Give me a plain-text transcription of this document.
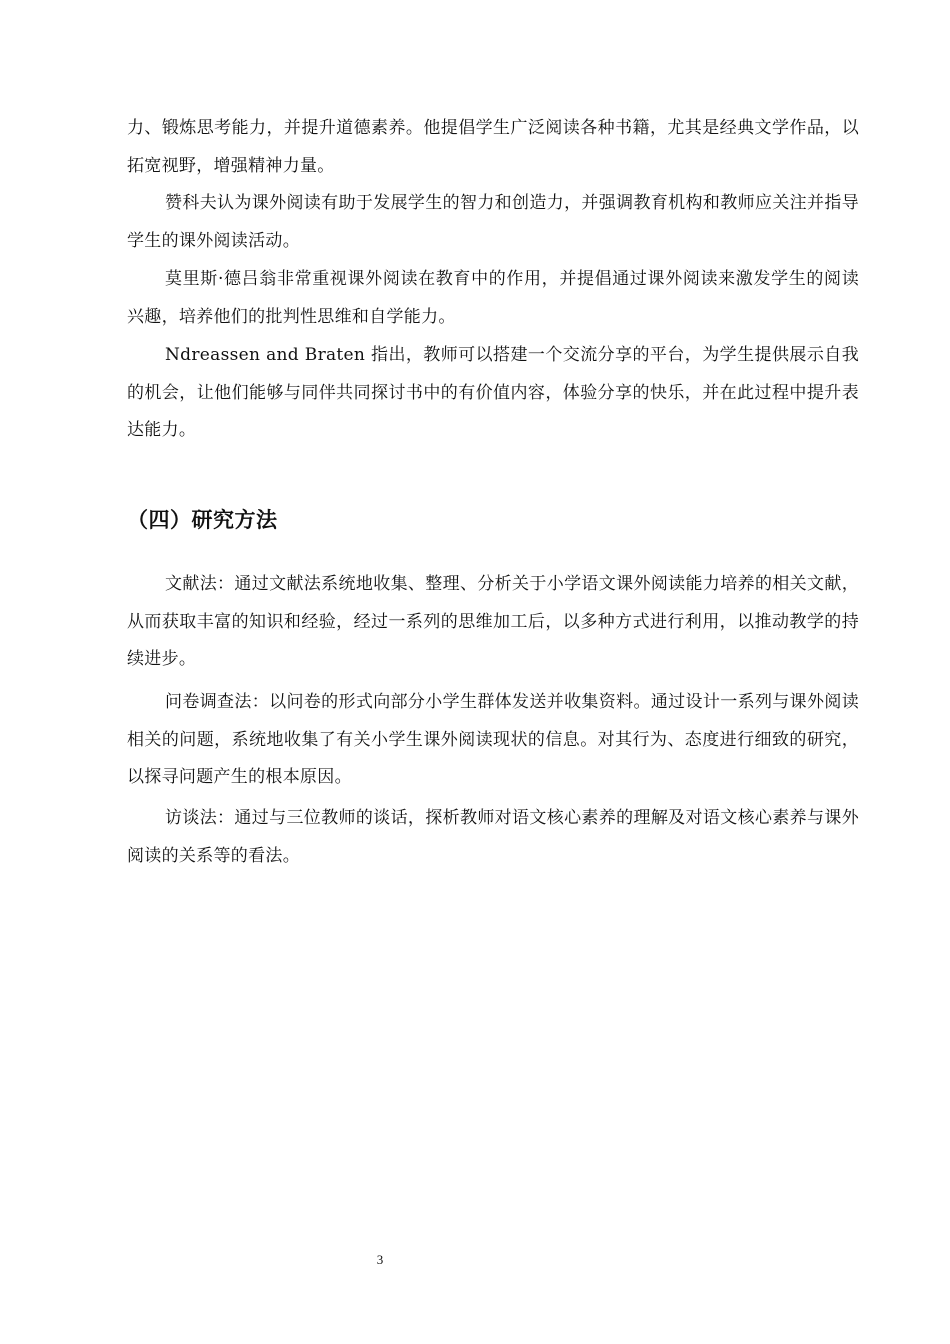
力、锻炼思考能力，并提升道德素养。他提倡学生广泛阅读各种书籍，尤其是经典文学作品，以拓宽视野，增强精神力量。

赞科夫认为课外阅读有助于发展学生的智力和创造力，并强调教育机构和教师应关注并指导学生的课外阅读活动。

莫里斯·德吕翁非常重视课外阅读在教育中的作用，并提倡通过课外阅读来激发学生的阅读兴趣，培养他们的批判性思维和自学能力。

Ndreassen and Braten 指出，教师可以搭建一个交流分享的平台，为学生提供展示自我的机会，让他们能够与同伴共同探讨书中的有价值内容，体验分享的快乐，并在此过程中提升表达能力。

（四）研究方法

文献法：通过文献法系统地收集、整理、分析关于小学语文课外阅读能力培养的相关文献，从而获取丰富的知识和经验，经过一系列的思维加工后，以多种方式进行利用，以推动教学的持续进步。

问卷调查法：以问卷的形式向部分小学生群体发送并收集资料。通过设计一系列与课外阅读相关的问题，系统地收集了有关小学生课外阅读现状的信息。对其行为、态度进行细致的研究，以探寻问题产生的根本原因。

访谈法：通过与三位教师的谈话，探析教师对语文核心素养的理解及对语文核心素养与课外阅读的关系等的看法。

3
